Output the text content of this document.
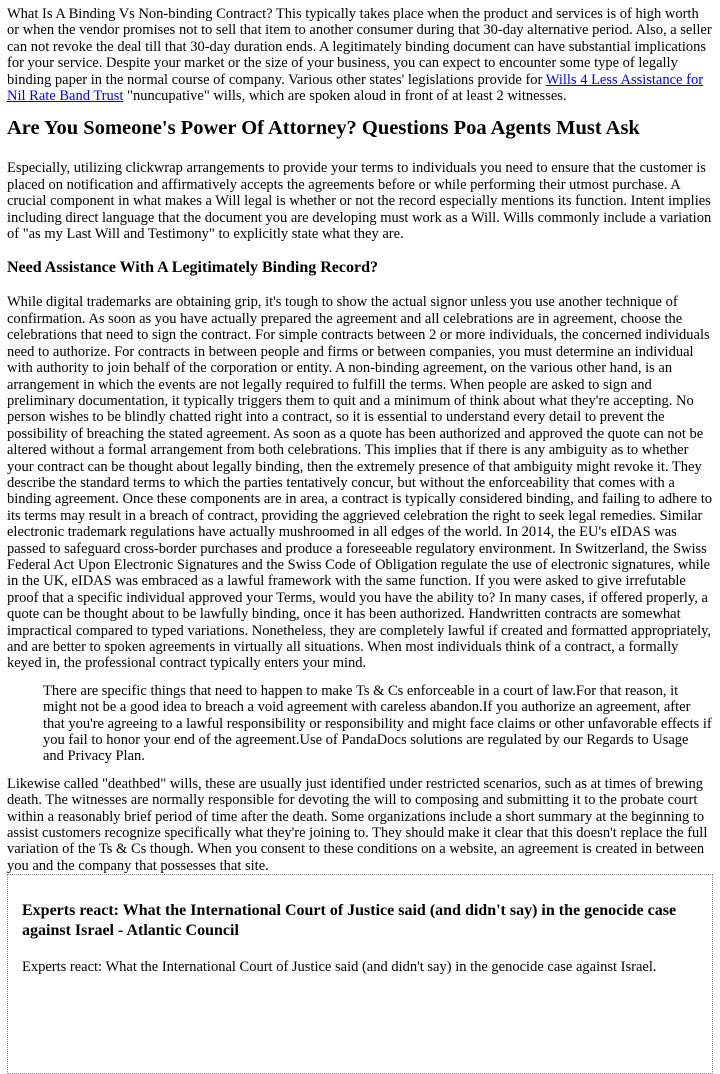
What Is A Binding Vs Non-binding Contract? This typically takes place when the product and services is of high worth or when the vendor promises not to sell that item to another consumer during that 30-day alternative period. Also, a seller can not revoke the deal till that 30-day duration ends. A legitimately binding document can have substantial implications for your service. Despite your market or the size of your business, you can expect to encounter some type of legally binding paper in the normal course of company. Various other states' legislations provide for Wills 4 Less Assistance for Nil Rate Band Trust "nuncupative" wills, which are spoken aloud in front of at least 2 witnesses.

Are You Someone's Power Of Attorney? Questions Poa Agents Must Ask

Especially, utilizing clickwrap arrangements to provide your terms to individuals you need to ensure that the customer is placed on notification and affirmatively accepts the agreements before or while performing their utmost purchase. A crucial component in what makes a Will legal is whether or not the record especially mentions its function. Intent implies including direct language that the document you are developing must work as a Will. Wills commonly include a variation of "as my Last Will and Testimony" to explicitly state what they are.

Need Assistance With A Legitimately Binding Record?

While digital trademarks are obtaining grip, it's tough to show the actual signor unless you use another technique of confirmation. As soon as you have actually prepared the agreement and all celebrations are in agreement, choose the celebrations that need to sign the contract. For simple contracts between 2 or more individuals, the concerned individuals need to authorize. For contracts in between people and firms or between companies, you must determine an individual with authority to join behalf of the corporation or entity. A non-binding agreement, on the various other hand, is an arrangement in which the events are not legally required to fulfill the terms. When people are asked to sign and preliminary documentation, it typically triggers them to quit and a minimum of think about what they're accepting. No person wishes to be blindly chatted right into a contract, so it is essential to understand every detail to prevent the possibility of breaching the stated agreement. As soon as a quote has been authorized and approved the quote can not be altered without a formal arrangement from both celebrations. This implies that if there is any ambiguity as to whether your contract can be thought about legally binding, then the extremely presence of that ambiguity might revoke it. They describe the standard terms to which the parties tentatively concur, but without the enforceability that comes with a binding agreement. Once these components are in area, a contract is typically considered binding, and failing to adhere to its terms may result in a breach of contract, providing the aggrieved celebration the right to seek legal remedies. Similar electronic trademark regulations have actually mushroomed in all edges of the world. In 2014, the EU's eIDAS was passed to safeguard cross-border purchases and produce a foreseeable regulatory environment. In Switzerland, the Swiss Federal Act Upon Electronic Signatures and the Swiss Code of Obligation regulate the use of electronic signatures, while in the UK, eIDAS was embraced as a lawful framework with the same function. If you were asked to give irrefutable proof that a specific individual approved your Terms, would you have the ability to? In many cases, if offered properly, a quote can be thought about to be lawfully binding, once it has been authorized. Handwritten contracts are somewhat impractical compared to typed variations. Nonetheless, they are completely lawful if created and formatted appropriately, and are better to spoken agreements in virtually all situations. When most individuals think of a contract, a formally keyed in, the professional contract typically enters your mind.

There are specific things that need to happen to make Ts & Cs enforceable in a court of law.For that reason, it might not be a good idea to breach a void agreement with careless abandon.If you authorize an agreement, after that you're agreeing to a lawful responsibility or responsibility and might face claims or other unfavorable effects if you fail to honor your end of the agreement.Use of PandaDocs solutions are regulated by our Regards to Usage and Privacy Plan.

Likewise called "deathbed" wills, these are usually just identified under restricted scenarios, such as at times of brewing death. The witnesses are normally responsible for devoting the will to composing and submitting it to the probate court within a reasonably brief period of time after the death. Some organizations include a short summary at the beginning to assist customers recognize specifically what they're joining to. They should make it clear that this doesn't replace the full variation of the Ts & Cs though. When you consent to these conditions on a website, an agreement is created in between you and the company that possesses that site.

Experts react: What the International Court of Justice said (and didn't say) in the genocide case against Israel - Atlantic Council

Experts react: What the International Court of Justice said (and didn't say) in the genocide case against Israel.
